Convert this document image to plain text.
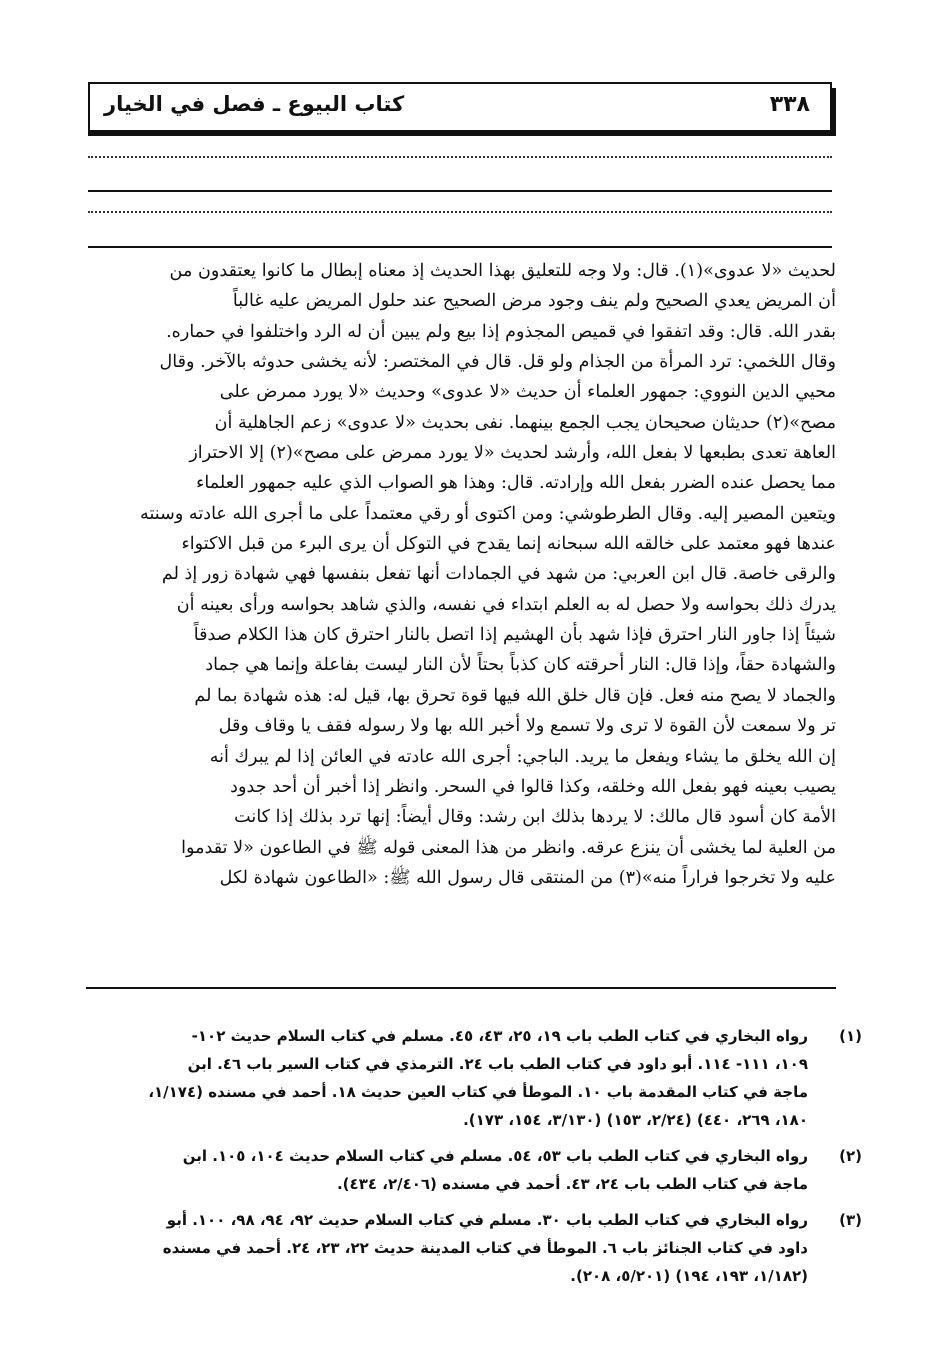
كتاب البيوع ـ فصل في الخيار	٣٣٨
لحديث «لا عدوى»(١). قال: ولا وجه للتعليق بهذا الحديث إذ معناه إبطال ما كانوا يعتقدون من
أن المريض يعدي الصحيح ولم ينف وجود مرض الصحيح عند حلول المريض عليه غالباً
بقدر الله. قال: وقد اتفقوا في قميص المجذوم إذا بيع ولم يبين أن له الرد واختلفوا في حماره.
وقال اللخمي: ترد المرأة من الجذام ولو قل. قال في المختصر: لأنه يخشى حدوثه بالآخر. وقال
محيي الدين النووي: جمهور العلماء أن حديث «لا عدوى» وحديث «لا يورد ممرض على
مصح»(٢) حديثان صحيحان يجب الجمع بينهما. نفى بحديث «لا عدوى» زعم الجاهلية أن
العاهة تعدى بطبعها لا بفعل الله، وأرشد لحديث «لا يورد ممرض على مصح»(٢) إلا الاحتراز
مما يحصل عنده الضرر بفعل الله وإرادته. قال: وهذا هو الصواب الذي عليه جمهور العلماء
ويتعين المصير إليه. وقال الطرطوشي: ومن اكتوى أو رقي معتمداً على ما أجرى الله عادته وسنته
عندها فهو معتمد على خالقه الله سبحانه إنما يقدح في التوكل أن يرى البرء من قبل الاكتواء
والرقى خاصة. قال ابن العربي: من شهد في الجمادات أنها تفعل بنفسها فهي شهادة زور إذ لم
يدرك ذلك بحواسه ولا حصل له به العلم ابتداء في نفسه، والذي شاهد بحواسه ورأى بعينه أن
شيئاً إذا جاور النار احترق فإذا شهد بأن الهشيم إذا اتصل بالنار احترق كان هذا الكلام صدقاً
والشهادة حقاً، وإذا قال: النار أحرقته كان كذباً بحتاً لأن النار ليست بفاعلة وإنما هي جماد
والجماد لا يصح منه فعل. فإن قال خلق الله فيها قوة تحرق بها، قيل له: هذه شهادة بما لم
تر ولا سمعت لأن القوة لا ترى ولا تسمع ولا أخبر الله بها ولا رسوله فقف يا وقاف وقل
إن الله يخلق ما يشاء ويفعل ما يريد. الباجي: أجرى الله عادته في العائن إذا لم يبرك أنه
يصيب بعينه فهو بفعل الله وخلقه، وكذا قالوا في السحر. وانظر إذا أخبر أن أحد جدود
الأمة كان أسود قال مالك: لا يردها بذلك ابن رشد: وقال أيضاً: إنها ترد بذلك إذا كانت
من العلية لما يخشى أن ينزع عرقه. وانظر من هذا المعنى قوله ﷺ في الطاعون «لا تقدموا
عليه ولا تخرجوا فراراً منه»(٣) من المنتقى قال رسول الله ﷺ: «الطاعون شهادة لكل
(١)
رواه البخاري في كتاب الطب باب ١٩، ٢٥، ٤٣، ٤٥. مسلم في كتاب السلام حديث ١٠٢-
١٠٩، ١١١- ١١٤. أبو داود في كتاب الطب باب ٢٤. الترمذي في كتاب السير باب ٤٦. ابن
ماجة في كتاب المقدمة باب ١٠. الموطأ في كتاب العين حديث ١٨. أحمد في مسنده (١/١٧٤،
١٨٠، ٢٦٩، ٤٤٠) (٢/٢٤، ١٥٣) (٣/١٣٠، ١٥٤، ١٧٣).
(٢)
رواه البخاري في كتاب الطب باب ٥٣، ٥٤. مسلم في كتاب السلام حديث ١٠٤، ١٠٥. ابن
ماجة في كتاب الطب باب ٢٤، ٤٣. أحمد في مسنده (٢/٤٠٦، ٤٣٤).
(٣)
رواه البخاري في كتاب الطب باب ٣٠. مسلم في كتاب السلام حديث ٩٢، ٩٤، ٩٨، ١٠٠. أبو
داود في كتاب الجنائز باب ٦. الموطأ في كتاب المدينة حديث ٢٢، ٢٣، ٢٤. أحمد في مسنده
(١/١٨٢، ١٩٣، ١٩٤) (٥/٢٠١، ٢٠٨).
